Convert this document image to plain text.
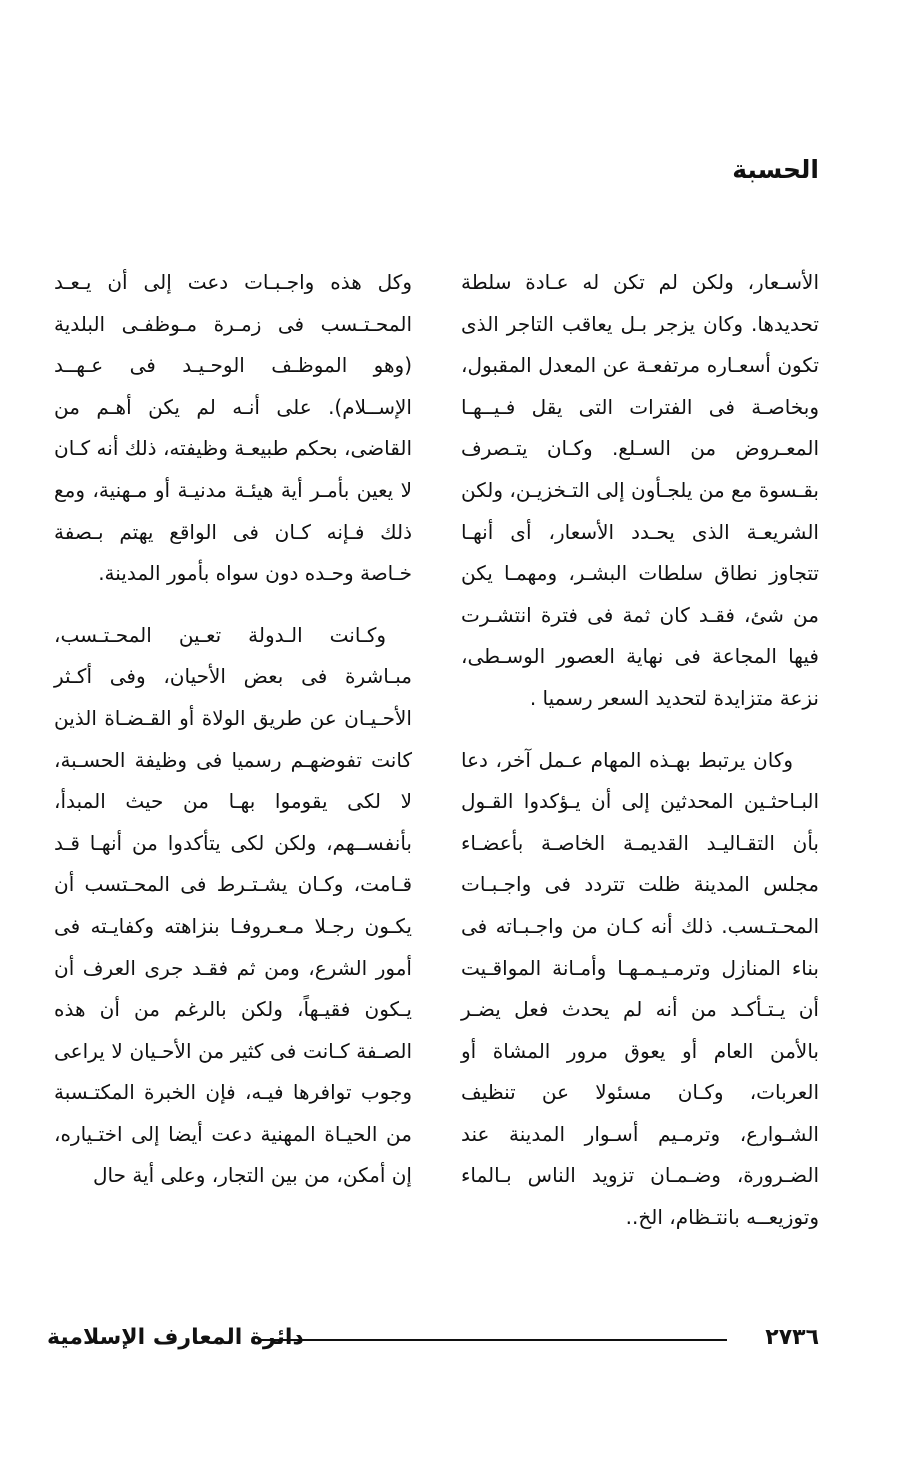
الحسبة

الأسـعار، ولكن لم تكن له عـادة سلطة تحديدها. وكان يزجر بـل يعاقب التاجر الذى تكون أسعـاره مرتفعـة عن المعدل المقبول، وبخاصـة فى الفترات التى يقل فـيــهـا المعـروض من السـلع. وكـان يتـصرف بقـسوة مع من يلجـأون إلى التـخزيـن، ولكن الشريعـة الذى يحـدد الأسعار، أى أنهـا تتجاوز نطاق سلطات البشـر، ومهمـا يكن من شئ، فقـد كان ثمة فى فترة انتشـرت فيها المجاعة فى نهاية العصور الوسـطى، نزعة متزايدة لتحديد السعر رسميا .

وكان يرتبط بهـذه المهام عـمل آخر، دعا البـاحثـين المحدثين إلى أن يـؤكدوا القـول بأن التقـاليـد القديمـة الخاصـة بأعضـاء مجلس المدينة ظلت تتردد فى واجـبـات المحـتـسب. ذلك أنه كـان من واجـبـاته فى بناء المنازل وترمـيـمـهـا وأمـانة المواقـيت أن يـتـأكـد من أنه لم يحدث فعل يضـر بالأمن العام أو يعوق مرور المشاة أو العربات، وكـان مسئولا عن تنظيف الشـوارع، وترمـيم أسـوار المدينة عند الضـرورة، وضـمـان تزويد الناس بـالماء وتوزيعــه بانتـظام، الخ..

وكل هذه واجـبـات دعت إلى أن يـعـد المحـتـسب فى زمـرة مـوظفـى البلدية (وهو الموظـف الوحـيـد فى عـهــد الإســلام). على أنـه لم يكن أهـم من القاضى، بحكم طبيعـة وظيفته، ذلك أنه كـان لا يعين بأمـر أية هيئـة مدنيـة أو مـهنية، ومع ذلك فـإنه كـان فى الواقع يهتم بـصفة خـاصة وحـده دون سواه بأمور المدينة.

وكـانت الـدولة تعـين المحـتـسب، مبـاشرة فى بعض الأحيان، وفى أكـثر الأحـيـان عن طريق الولاة أو القـضـاة الذين كانت تفوضهـم رسميا فى وظيفة الحسـبة، لا لكى يقوموا بهـا من حيث المبدأ، بأنفســهم، ولكن لكى يتأكدوا من أنهـا قـد قـامت، وكـان يشـتـرط فى المحـتسب أن يكـون رجـلا مـعـروفـا بنزاهته وكفايـته فى أمور الشرع، ومن ثم فقـد جرى العرف أن يـكون فقيـهاً، ولكن بالرغم من أن هذه الصـفة كـانت فى كثير من الأحـيان لا يراعى وجوب توافرها فيـه، فإن الخبرة المكتـسبة من الحيـاة المهنية دعت أيضا إلى اختـياره، إن أمكن، من بين التجار، وعلى أية حال

٢٧٣٦
دائرة المعارف الإسلامية
